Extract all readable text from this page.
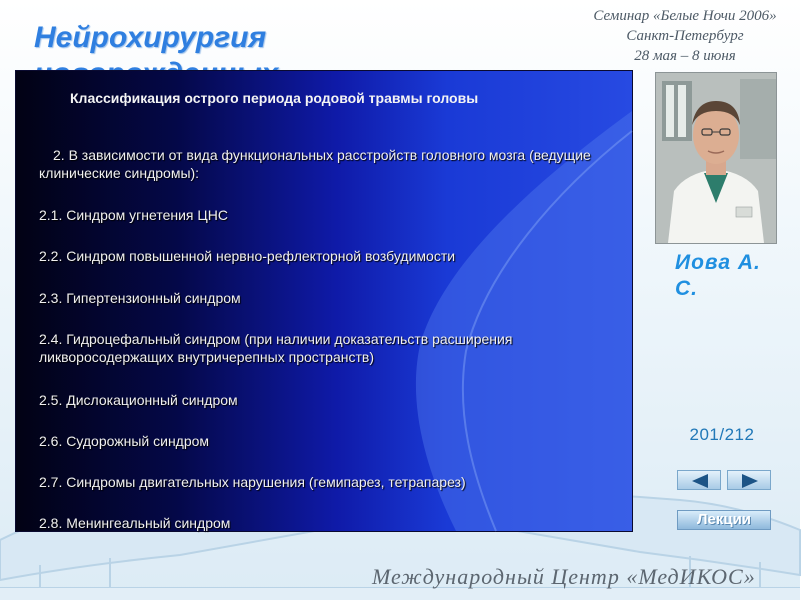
Нейрохирургия
Семинар «Белые Ночи 2006»
Санкт-Петербург
28 мая – 8 июня
Классификация острого периода родовой травмы головы
2. В зависимости от вида функциональных расстройств головного мозга (ведущие клинические синдромы):
2.1. Синдром угнетения ЦНС
2.2. Синдром повышенной нервно-рефлекторной возбудимости
2.3. Гипертензионный синдром
2.4. Гидроцефальный синдром (при наличии доказательств расширения ликворосодержащих внутричерепных пространств)
2.5. Дислокационный синдром
2.6. Судорожный синдром
2.7. Синдромы двигательных нарушения (гемипарез, тетрапарез)
2.8. Менингеальный синдром
Иова А. С.
201/212
Лекции
Международный Центр «МедИКОС»
